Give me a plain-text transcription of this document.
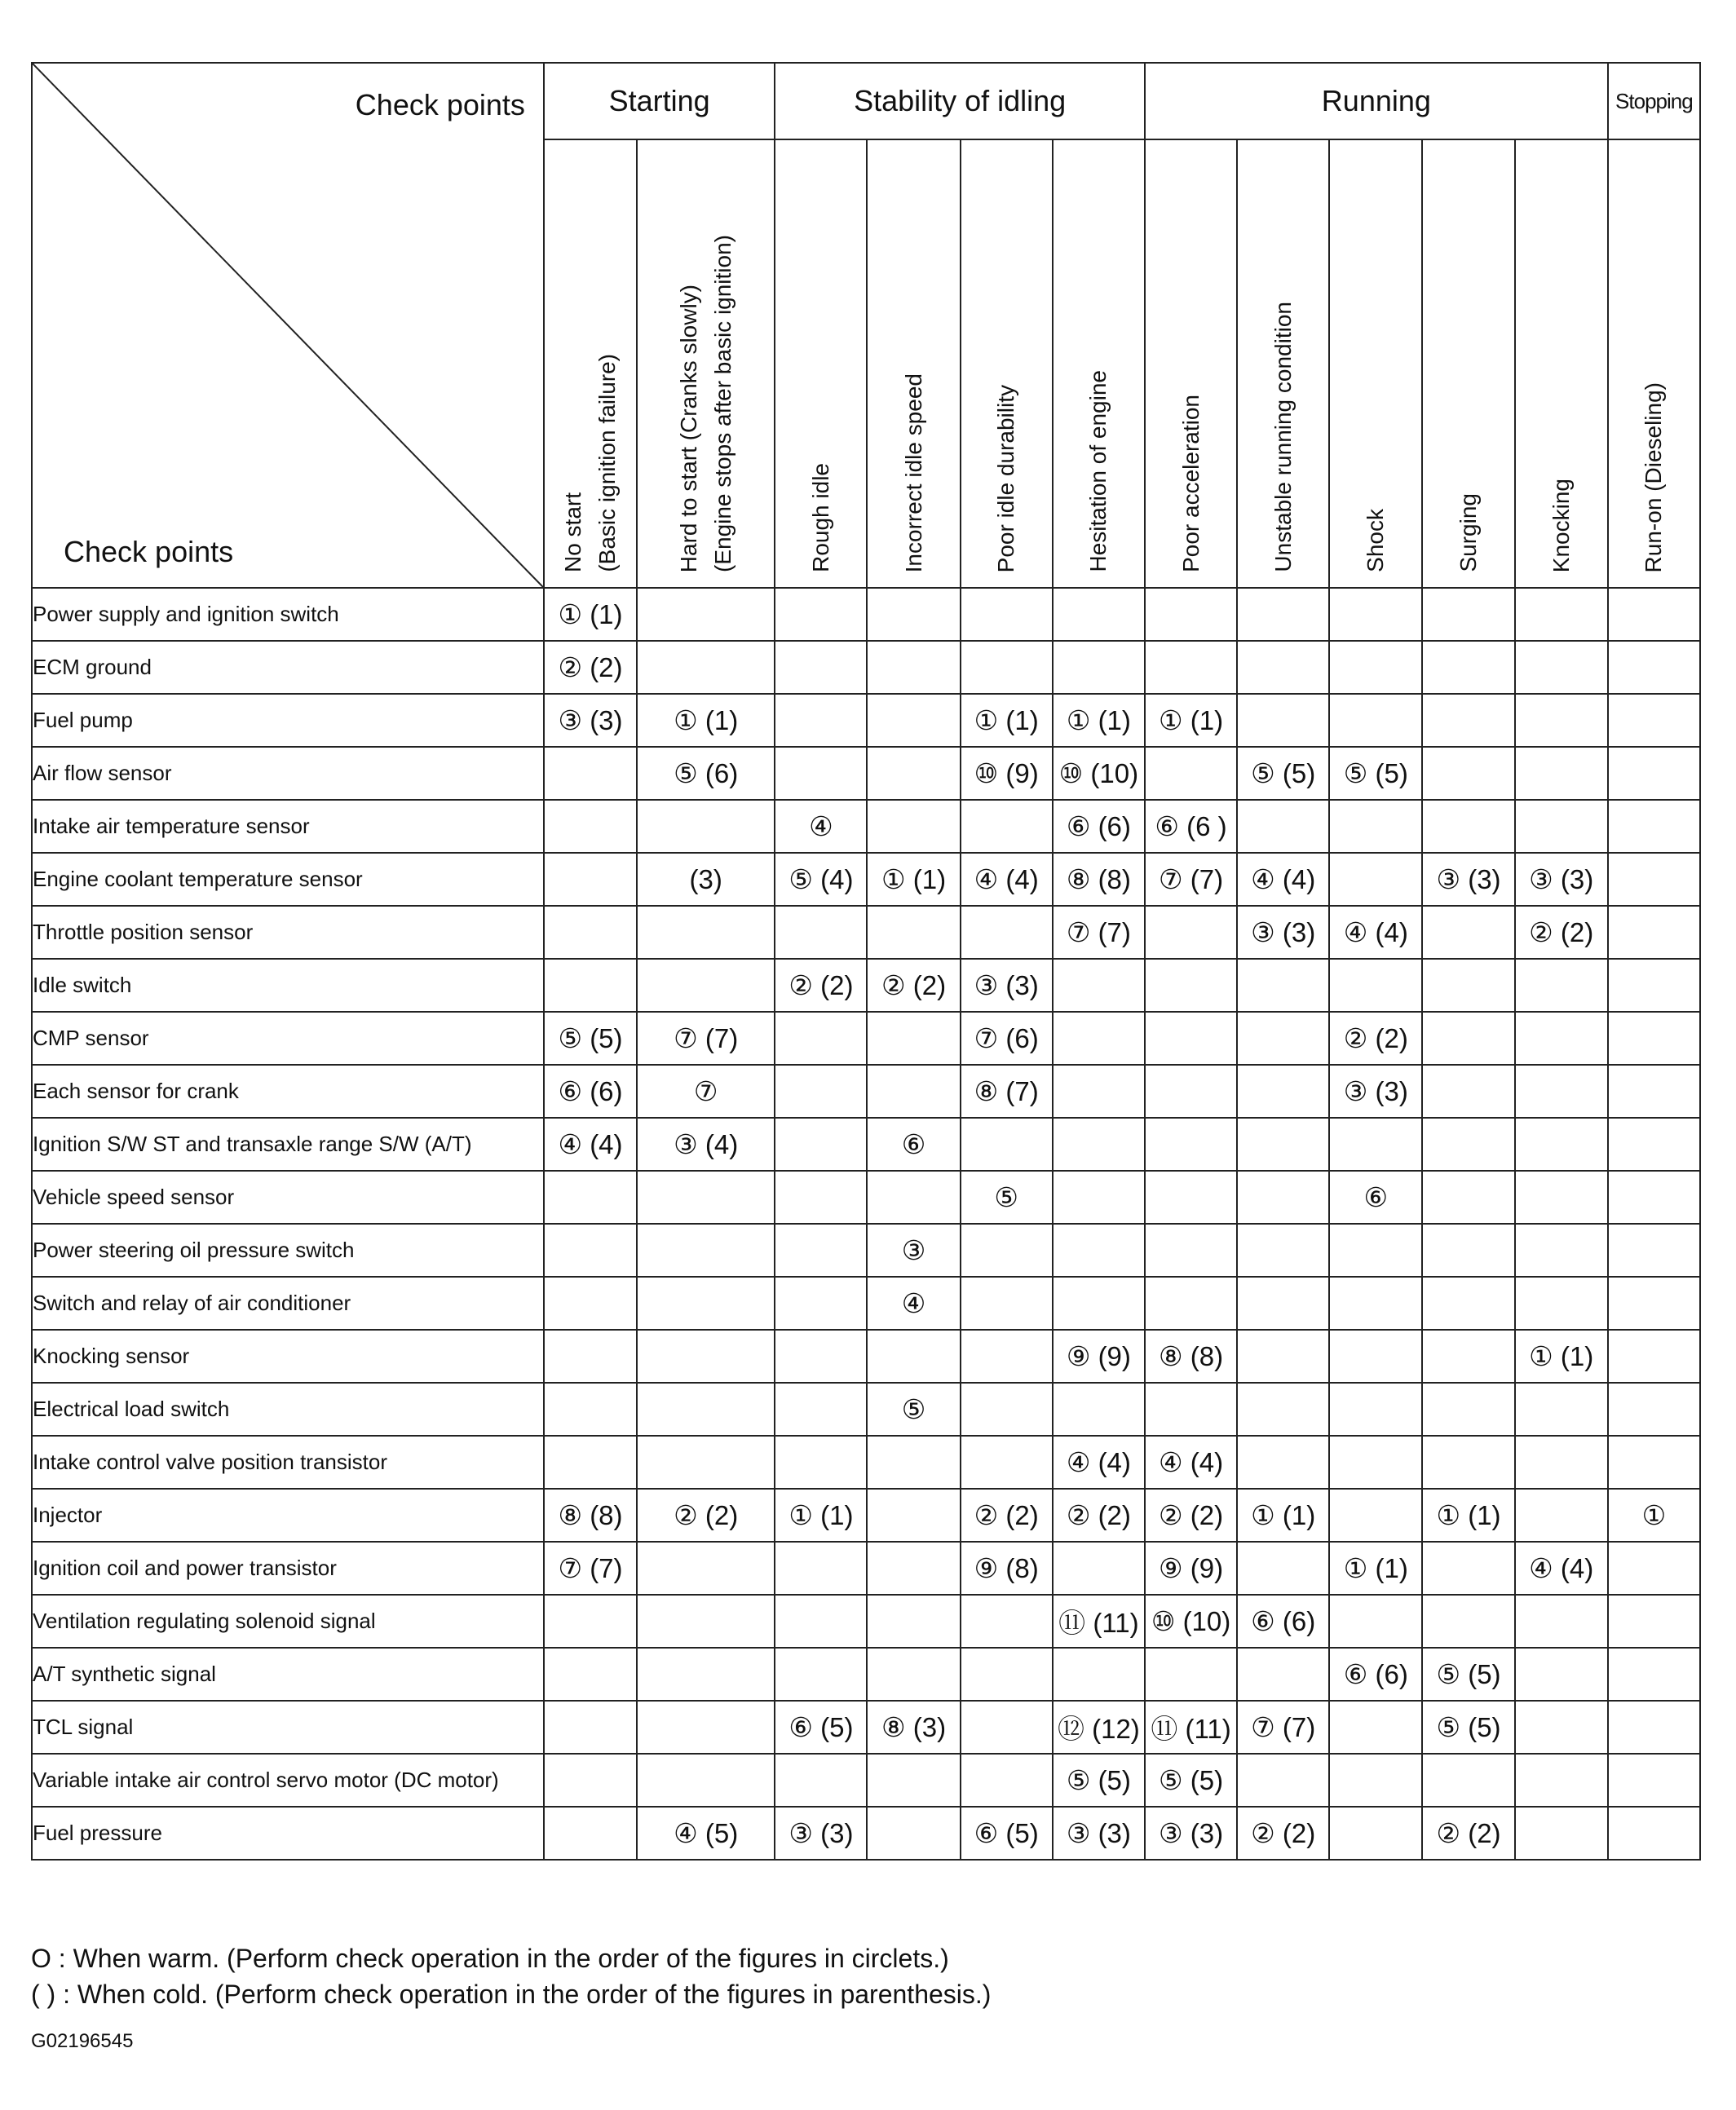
Check points
Check points	Starting		Stability of idling				Running					Stopping

	No start (Basic ignition failure)	Hard to start (Cranks slowly) (Engine stops after basic ignition)	Rough idle	Incorrect idle speed	Poor idle durability	Hesitation of engine	Poor acceleration	Unstable running condition	Shock	Surging	Knocking	Run-on (Dieseling)

Power supply and ignition switch	① (1)											
ECM ground	② (2)											
Fuel pump	③ (3)	① (1)			① (1)	① (1)	① (1)					
Air flow sensor		⑤ (6)			⑩ (9)	⑩ (10)		⑤ (5)	⑤ (5)			
Intake air temperature sensor			④			⑥ (6)	⑥ (6 )					
Engine coolant temperature sensor		(3)	⑤ (4)	① (1)	④ (4)	⑧ (8)	⑦ (7)	④ (4)		③ (3)	③ (3)	
Throttle position sensor						⑦ (7)		③ (3)	④ (4)		② (2)	
Idle switch			② (2)	② (2)	③ (3)							
CMP sensor	⑤ (5)	⑦ (7)			⑦ (6)				② (2)			
Each sensor for crank	⑥ (6)	⑦			⑧ (7)				③ (3)			
Ignition S/W ST and transaxle range S/W (A/T)	④ (4)	③ (4)		⑥								
Vehicle speed sensor					⑤				⑥			
Power steering oil pressure switch				③								
Switch and relay of air conditioner				④								
Knocking sensor						⑨ (9)	⑧ (8)				① (1)	
Electrical load switch				⑤								
Intake control valve position transistor						④ (4)	④ (4)					
Injector	⑧ (8)	② (2)	① (1)		② (2)	② (2)	② (2)	① (1)		① (1)		①
Ignition coil and power transistor	⑦ (7)				⑨ (8)		⑨ (9)		① (1)		④ (4)	
Ventilation regulating solenoid signal						⑪ (11)	⑩ (10)	⑥ (6)				
A/T synthetic signal									⑥ (6)	⑤ (5)		
TCL signal			⑥ (5)	⑧ (3)		⑫ (12)	⑪ (11)	⑦ (7)		⑤ (5)		
Variable intake air control servo motor (DC motor)						⑤ (5)	⑤ (5)					
Fuel pressure		④ (5)	③ (3)		⑥ (5)	③ (3)	③ (3)	② (2)		② (2)		
O : When warm. (Perform check operation in the order of the figures in circlets.)
( ) : When cold. (Perform check operation in the order of the figures in parenthesis.)
G02196545
